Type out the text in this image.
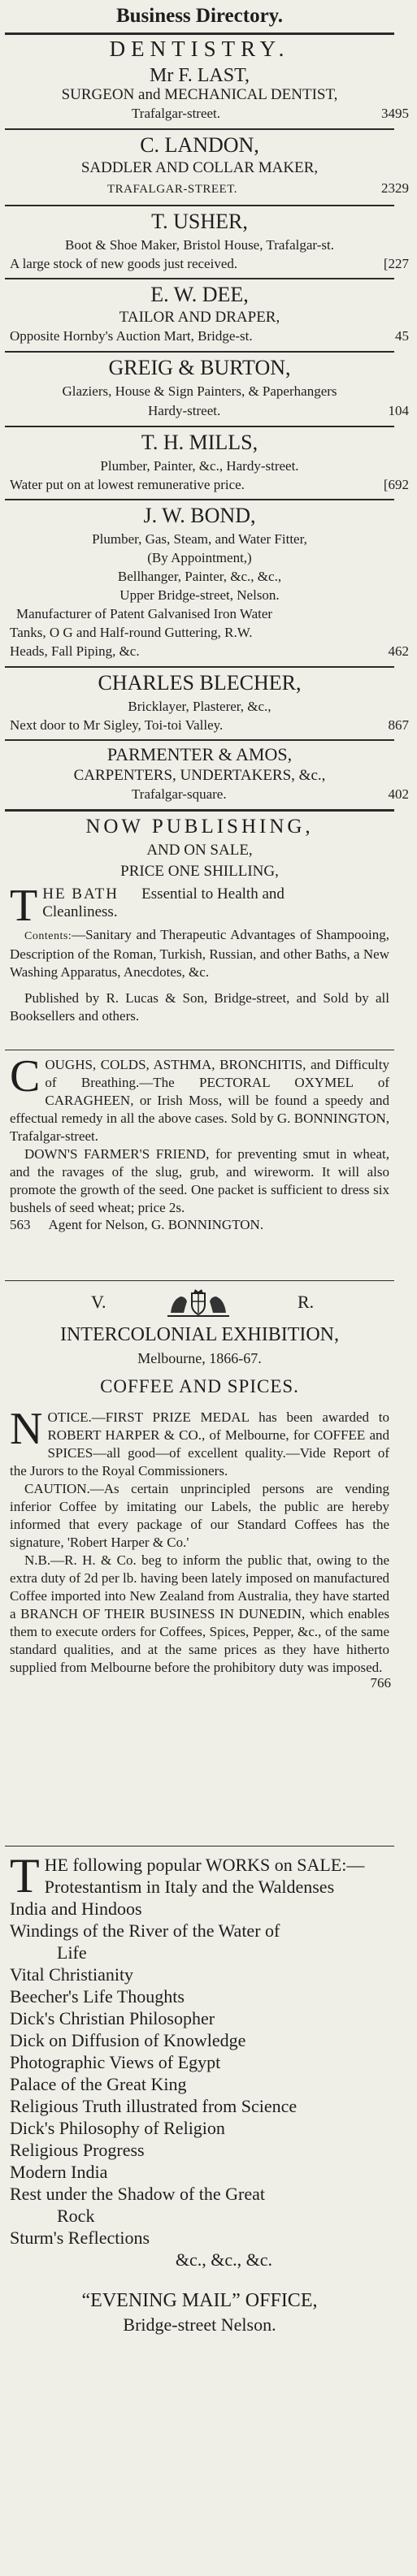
Business Directory.
DENTISTRY.
Mr F. LAST,
SURGEON and MECHANICAL DENTIST,
Trafalgar-street.	3495
C. LANDON,
SADDLER AND COLLAR MAKER,
TRAFALGAR-STREET.	2329
T. USHER,
Boot & Shoe Maker, Bristol House, Trafalgar-st.
A large stock of new goods just received.	[227
E. W. DEE,
TAILOR AND DRAPER,
Opposite Hornby's Auction Mart, Bridge-st.	45
GREIG & BURTON,
Glaziers, House & Sign Painters, & Paperhangers
Hardy-street.	104
T. H. MILLS,
Plumber, Painter, &c., Hardy-street.
Water put on at lowest remunerative price.	[692
J. W. BOND,
Plumber, Gas, Steam, and Water Fitter,
(By Appointment,)
Bellhanger, Painter, &c., &c.,
Upper Bridge-street, Nelson.
Manufacturer of Patent Galvanised Iron Water
Tanks, O G and Half-round Guttering, R.W.
Heads, Fall Piping, &c.	462
CHARLES BLECHER,
Bricklayer, Plasterer, &c.,
Next door to Mr Sigley, Toi-toi Valley.	867
PARMENTER & AMOS,
CARPENTERS, UNDERTAKERS, &c.,
Trafalgar-square.	402
NOW PUBLISHING,
AND ON SALE,
PRICE ONE SHILLING,
T HE BATH Essential to Health and
Cleanliness.
Contents:—Sanitary and Therapeutic Advantages of Shampooing, Description of the Roman, Turkish, Russian, and other Baths, a New Washing Apparatus, Anecdotes, &c.
Published by R. Lucas & Son, Bridge-street, and Sold by all Booksellers and others.
COUGHS, COLDS, ASTHMA, BRONCHITIS, and Difficulty of Breathing.—The PECTORAL OXYMEL of CARAGHEEN, or Irish Moss, will be found a speedy and effectual remedy in all the above cases. Sold by G. BONNINGTON, Trafalgar-street.
DOWN'S FARMER'S FRIEND, for preventing smut in wheat, and the ravages of the slug, grub, and wireworm. It will also promote the growth of the seed. One packet is sufficient to dress six bushels of seed wheat; price 2s.
563 Agent for Nelson, G. BONNINGTON.
V.	R.
INTERCOLONIAL EXHIBITION,
Melbourne, 1866-67.
COFFEE AND SPICES.
NOTICE.—FIRST PRIZE MEDAL has been awarded to ROBERT HARPER & CO., of Melbourne, for COFFEE and SPICES—all good—of excellent quality.—Vide Report of the Jurors to the Royal Commissioners.
CAUTION.—As certain unprincipled persons are vending inferior Coffee by imitating our Labels, the public are hereby informed that every package of our Standard Coffees has the signature, 'Robert Harper & Co.'
N.B.—R. H. & Co. beg to inform the public that, owing to the extra duty of 2d per lb. having been lately imposed on manufactured Coffee imported into New Zealand from Australia, they have started a BRANCH OF THEIR BUSINESS IN DUNEDIN, which enables them to execute orders for Coffees, Spices, Pepper, &c., of the same standard qualities, and at the same prices as they have hitherto supplied from Melbourne before the prohibitory duty was imposed.
766
THE following popular WORKS on SALE:—
Protestantism in Italy and the Waldenses
India and Hindoos
Windings of the River of the Water of
Life
Vital Christianity
Beecher's Life Thoughts
Dick's Christian Philosopher
Dick on Diffusion of Knowledge
Photographic Views of Egypt
Palace of the Great King
Religious Truth illustrated from Science
Dick's Philosophy of Religion
Religious Progress
Modern India
Rest under the Shadow of the Great
Rock
Sturm's Reflections
&c., &c., &c.
“EVENING MAIL” OFFICE,
Bridge-street Nelson.
